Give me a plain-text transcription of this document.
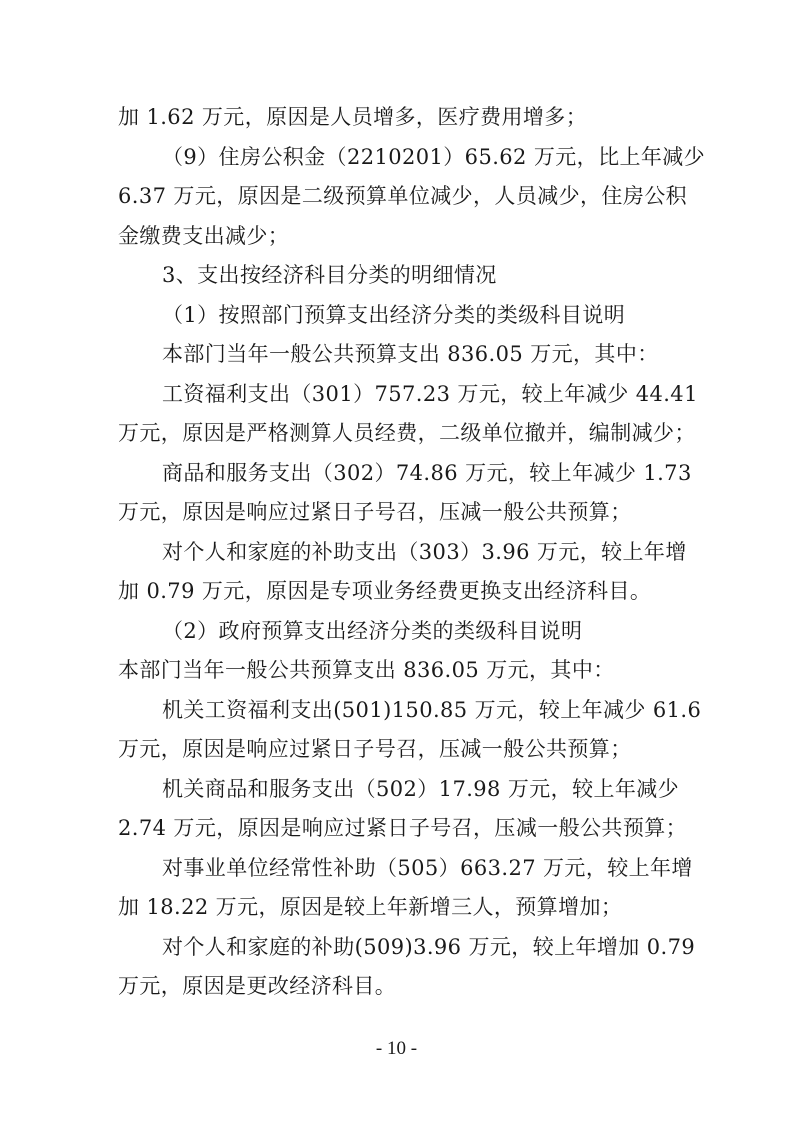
加 1.62 万元，原因是人员增多，医疗费用增多；
（9）住房公积金（2210201）65.62 万元，比上年减少
6.37 万元，原因是二级预算单位减少，人员减少，住房公积
金缴费支出减少；
3、支出按经济科目分类的明细情况
（1）按照部门预算支出经济分类的类级科目说明
本部门当年一般公共预算支出 836.05 万元，其中：
工资福利支出（301）757.23 万元，较上年减少 44.41
万元，原因是严格测算人员经费，二级单位撤并，编制减少；
商品和服务支出（302）74.86 万元，较上年减少 1.73
万元，原因是响应过紧日子号召，压减一般公共预算；
对个人和家庭的补助支出（303）3.96 万元，较上年增
加 0.79 万元，原因是专项业务经费更换支出经济科目。
（2）政府预算支出经济分类的类级科目说明
本部门当年一般公共预算支出 836.05 万元，其中：
机关工资福利支出(501)150.85 万元，较上年减少 61.6
万元，原因是响应过紧日子号召，压减一般公共预算；
机关商品和服务支出（502）17.98 万元，较上年减少
2.74 万元，原因是响应过紧日子号召，压减一般公共预算；
对事业单位经常性补助（505）663.27 万元，较上年增
加 18.22 万元，原因是较上年新增三人，预算增加；
对个人和家庭的补助(509)3.96 万元，较上年增加 0.79
万元，原因是更改经济科目。
- 10 -
